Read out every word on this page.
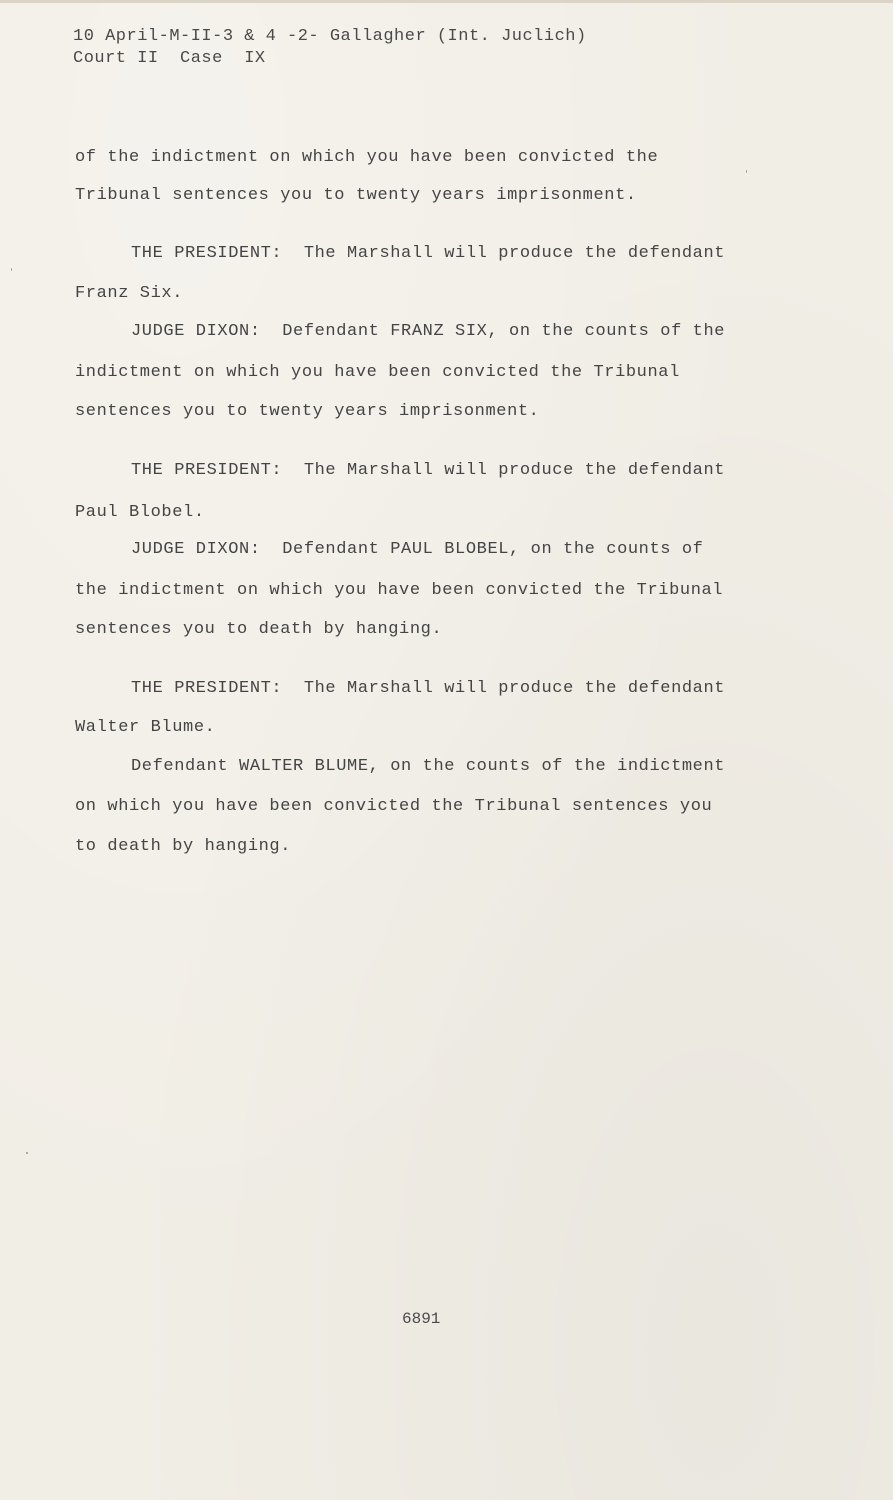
10 April-M-II-3 & 4 -2- Gallagher (Int. Juclich)
Court II  Case  IX
of the indictment on which you have been convicted the
Tribunal sentences you to twenty years imprisonment.
THE PRESIDENT:  The Marshall will produce the defendant
Franz Six.
JUDGE DIXON:  Defendant FRANZ SIX, on the counts of the
indictment on which you have been convicted the Tribunal
sentences you to twenty years imprisonment.
THE PRESIDENT:  The Marshall will produce the defendant
Paul Blobel.
JUDGE DIXON:  Defendant PAUL BLOBEL, on the counts of
the indictment on which you have been convicted the Tribunal
sentences you to death by hanging.
THE PRESIDENT:  The Marshall will produce the defendant
Walter Blume.
Defendant WALTER BLUME, on the counts of the indictment
on which you have been convicted the Tribunal sentences you
to death by hanging.
6891
